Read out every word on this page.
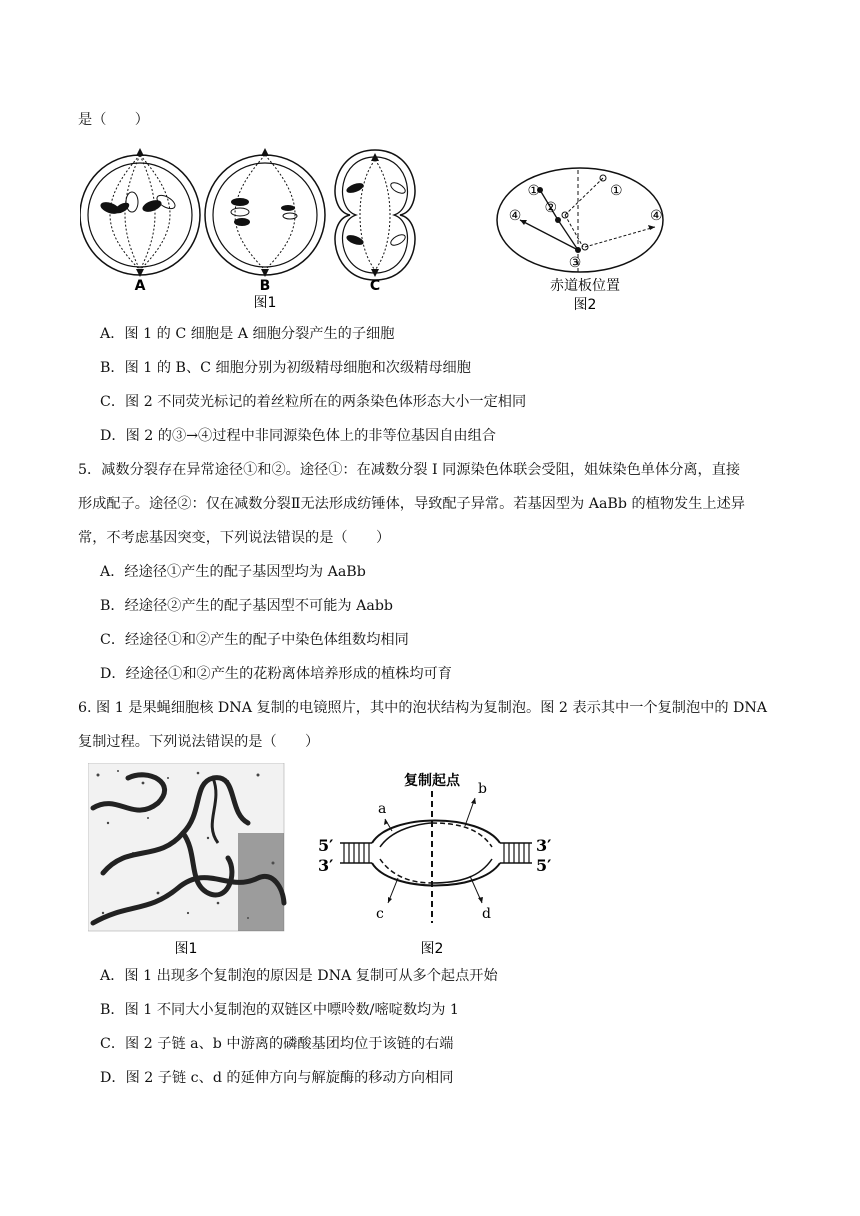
是（　　）
A	B	C
图1
①
②
③
④
①
④
赤道板位置
图2
A．图 1 的 C 细胞是 A 细胞分裂产生的子细胞
B．图 1 的 B、C 细胞分别为初级精母细胞和次级精母细胞
C．图 2 不同荧光标记的着丝粒所在的两条染色体形态大小一定相同
D．图 2 的③→④过程中非同源染色体上的非等位基因自由组合
5．减数分裂存在异常途径①和②。途径①：在减数分裂 I 同源染色体联会受阻，姐妹染色单体分离，直接
形成配子。途径②：仅在减数分裂Ⅱ无法形成纺锤体，导致配子异常。若基因型为 AaBb 的植物发生上述异
常，不考虑基因突变，下列说法错误的是（　　）
A．经途径①产生的配子基因型均为 AaBb
B．经途径②产生的配子基因型不可能为 Aabb
C．经途径①和②产生的配子中染色体组数均相同
D．经途径①和②产生的花粉离体培养形成的植株均可育
6. 图 1 是果蝇细胞核 DNA 复制的电镜照片，其中的泡状结构为复制泡。图 2 表示其中一个复制泡中的 DNA
复制过程。下列说法错误的是（　　）
图1
复制起点
a
b
c	d
5′
3′
3′
5′
图2
A．图 1 出现多个复制泡的原因是 DNA 复制可从多个起点开始
B．图 1 不同大小复制泡的双链区中嘌呤数/嘧啶数均为 1
C．图 2 子链 a、b 中游离的磷酸基团均位于该链的右端
D．图 2 子链 c、d 的延伸方向与解旋酶的移动方向相同
